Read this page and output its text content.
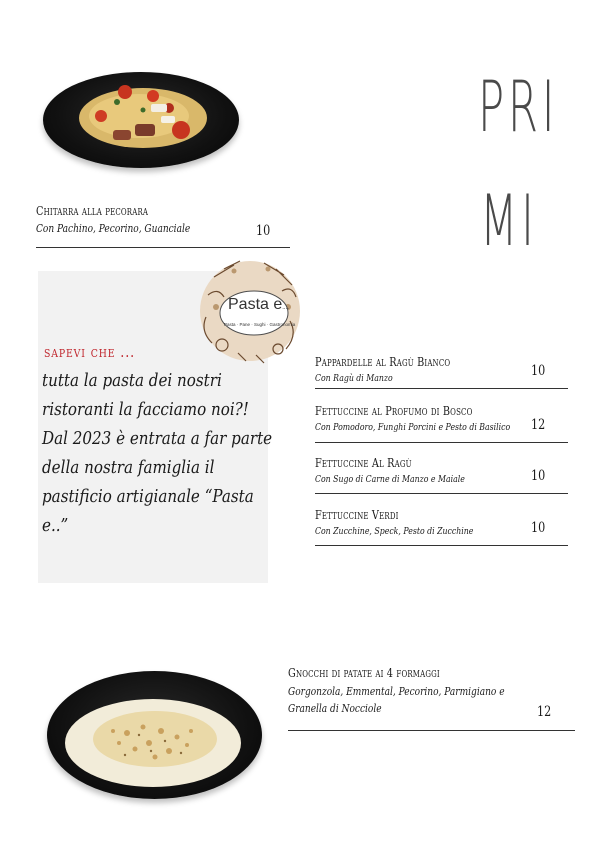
PRI
MI
Chitarra alla pecorara
Con Pachino, Pecorino, Guanciale	10
sapevi che ...
tutta la pasta dei nostri ristoranti la facciamo noi?! Dal 2023 è entrata a far parte della nostra famiglia il pastificio artigianale “Pasta e..”
Pasta e....
Pasta · Pane · Sughi · Gastronomia
Pappardelle al Ragù Bianco
Con Ragù di Manzo	10
Fettuccine al Profumo di Bosco
Con Pomodoro, Funghi Porcini e Pesto di Basilico 12
Fettuccine Al Ragù
Con Sugo di Carne di Manzo e Maiale	10
Fettuccine Verdi
Con Zucchine, Speck, Pesto di Zucchine	10
Gnocchi di patate ai 4 formaggi
Gorgonzola, Emmental, Pecorino, Parmigiano e
Granella di Nocciole	12
